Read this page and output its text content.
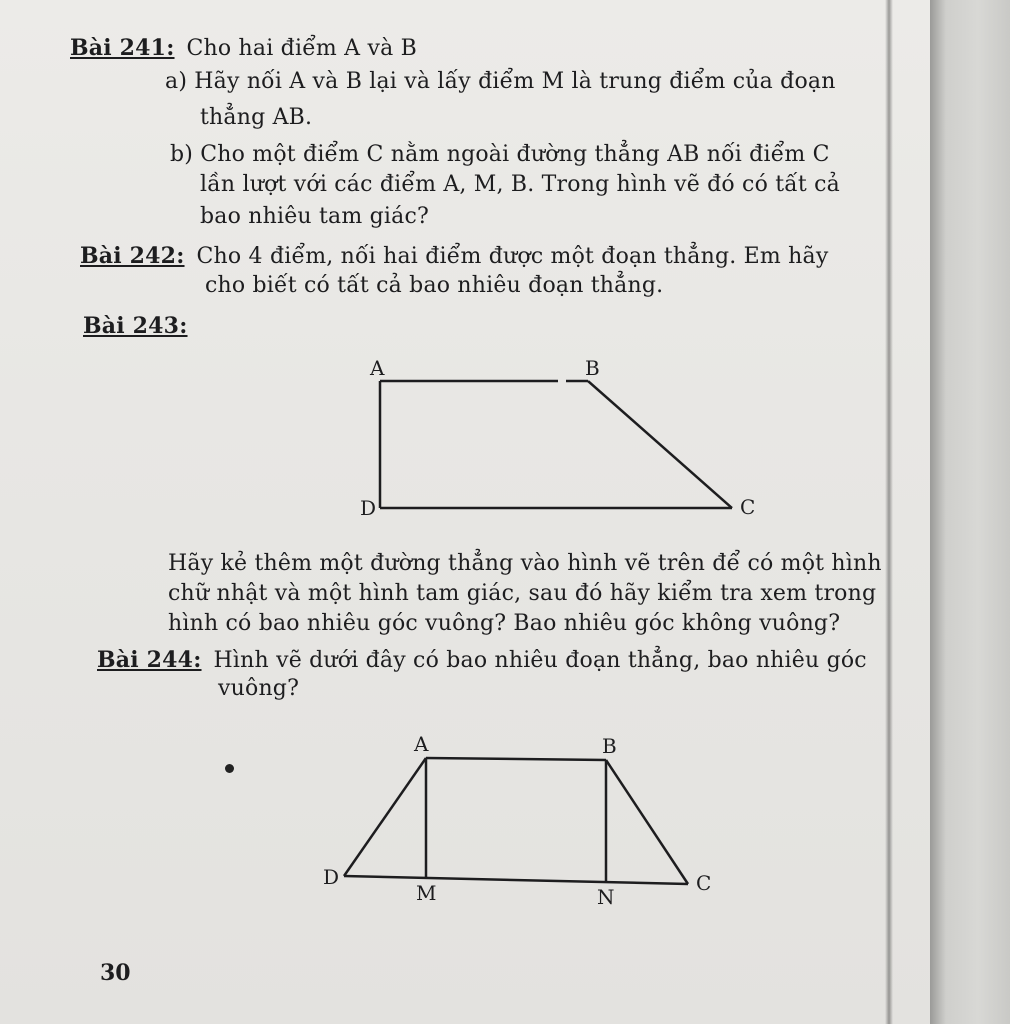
Bài 241: Cho hai điểm A và B
a) Hãy nối A và B lại và lấy điểm M là trung điểm của đoạn
thẳng AB.
b) Cho một điểm C nằm ngoài đường thẳng AB nối điểm C
lần lượt với các điểm A, M, B. Trong hình vẽ đó có tất cả
bao nhiêu tam giác?
Bài 242: Cho 4 điểm, nối hai điểm được một đoạn thẳng. Em hãy
cho biết có tất cả bao nhiêu đoạn thẳng.
Bài 243:
A	B
C
D
Hãy kẻ thêm một đường thẳng vào hình vẽ trên để có một hình
chữ nhật và một hình tam giác, sau đó hãy kiểm tra xem trong
hình có bao nhiêu góc vuông? Bao nhiêu góc không vuông?
Bài 244: Hình vẽ dưới đây có bao nhiêu đoạn thẳng, bao nhiêu góc
vuông?
A	B
C
D
M	N
30
